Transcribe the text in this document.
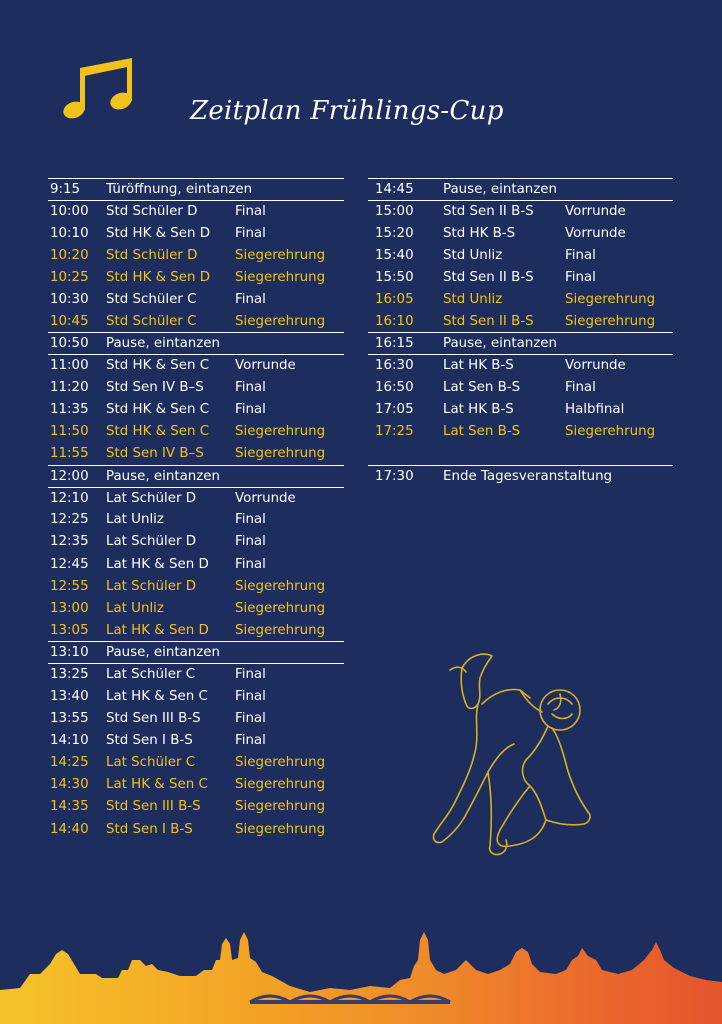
Zeitplan Frühlings-Cup
9:15	Türöffnung, eintanzen
10:00	Std Schüler D	Final
10:10	Std HK & Sen D	Final
10:20	Std Schüler D	Siegerehrung
10:25	Std HK & Sen D	Siegerehrung
10:30	Std Schüler C	Final
10:45	Std Schüler C	Siegerehrung
10:50	Pause, eintanzen
11:00	Std HK & Sen C	Vorrunde
11:20	Std Sen IV B–S	Final
11:35	Std HK & Sen C	Final
11:50	Std HK & Sen C	Siegerehrung
11:55	Std Sen IV B–S	Siegerehrung
12:00	Pause, eintanzen
12:10	Lat Schüler D	Vorrunde
12:25	Lat Unliz	Final
12:35	Lat Schüler D	Final
12:45	Lat HK & Sen D	Final
12:55	Lat Schüler D	Siegerehrung
13:00	Lat Unliz	Siegerehrung
13:05	Lat HK & Sen D	Siegerehrung
13:10	Pause, eintanzen
13:25	Lat Schüler C	Final
13:40	Lat HK & Sen C	Final
13:55	Std Sen III B-S	Final
14:10	Std Sen I B-S	Final
14:25	Lat Schüler C	Siegerehrung
14:30	Lat HK & Sen C	Siegerehrung
14:35	Std Sen III B-S	Siegerehrung
14:40	Std Sen I B-S	Siegerehrung
14:45	Pause, eintanzen
15:00	Std Sen II B-S	Vorrunde
15:20	Std HK B-S	Vorrunde
15:40	Std Unliz	Final
15:50	Std Sen II B-S	Final
16:05	Std Unliz	Siegerehrung
16:10	Std Sen II B-S	Siegerehrung
16:15	Pause, eintanzen
16:30	Lat HK B-S	Vorrunde
16:50	Lat Sen B-S	Final
17:05	Lat HK B-S	Halbfinal
17:25	Lat Sen B-S	Siegerehrung
17:30	Ende Tagesveranstaltung
